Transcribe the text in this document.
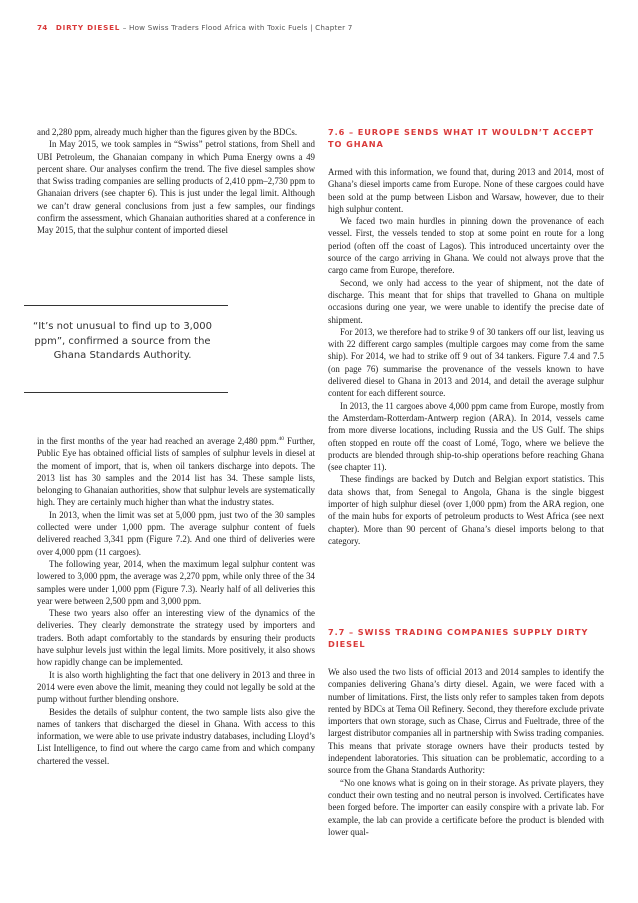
74 DIRTY DIESEL – How Swiss Traders Flood Africa with Toxic Fuels | Chapter 7

and 2,280 ppm, already much higher than the figures given by the BDCs.

In May 2015, we took samples in “Swiss” petrol stations, from Shell and UBI Petroleum, the Ghanaian company in which Puma Energy owns a 49 percent share. Our analyses confirm the trend. The five diesel samples show that Swiss trading companies are selling products of 2,410 ppm–2,730 ppm to Ghanaian drivers (see chapter 6). This is just under the legal limit. Although we can’t draw general conclusions from just a few samples, our findings confirm the assessment, which Ghanaian authorities shared at a conference in May 2015, that the sulphur content of imported diesel

“It’s not unusual to find up to 3,000 ppm”, confirmed a source from the Ghana Standards Authority.

in the first months of the year had reached an average 2,480 ppm.$^{40}$ Further, Public Eye has obtained official lists of samples of sulphur levels in diesel at the moment of import, that is, when oil tankers discharge into depots. The 2013 list has 30 samples and the 2014 list has 34. These sample lists, belonging to Ghanaian authorities, show that sulphur levels are systematically high. They are certainly much higher than what the industry states.

In 2013, when the limit was set at 5,000 ppm, just two of the 30 samples collected were under 1,000 ppm. The average sulphur content of fuels delivered reached 3,341 ppm (Figure 7.2). And one third of deliveries were over 4,000 ppm (11 cargoes).

The following year, 2014, when the maximum legal sulphur content was lowered to 3,000 ppm, the average was 2,270 ppm, while only three of the 34 samples were under 1,000 ppm (Figure 7.3). Nearly half of all deliveries this year were between 2,500 ppm and 3,000 ppm.

These two years also offer an interesting view of the dynamics of the deliveries. They clearly demonstrate the strategy used by importers and traders. Both adapt comfortably to the standards by ensuring their products have sulphur levels just within the legal limits. More positively, it also shows how rapidly change can be implemented.

It is also worth highlighting the fact that one delivery in 2013 and three in 2014 were even above the limit, meaning they could not legally be sold at the pump without further blending onshore.

Besides the details of sulphur content, the two sample lists also give the names of tankers that discharged the diesel in Ghana. With access to this information, we were able to use private industry databases, including Lloyd’s List Intelligence, to find out where the cargo came from and which company chartered the vessel.

7.6 – EUROPE SENDS WHAT IT WOULDN’T ACCEPT TO GHANA

Armed with this information, we found that, during 2013 and 2014, most of Ghana’s diesel imports came from Europe. None of these cargoes could have been sold at the pump between Lisbon and Warsaw, however, due to their high sulphur content.

We faced two main hurdles in pinning down the provenance of each vessel. First, the vessels tended to stop at some point en route for a long period (often off the coast of Lagos). This introduced uncertainty over the source of the cargo arriving in Ghana. We could not always prove that the cargo came from Europe, therefore.

Second, we only had access to the year of shipment, not the date of discharge. This meant that for ships that travelled to Ghana on multiple occasions during one year, we were unable to identify the precise date of shipment.

For 2013, we therefore had to strike 9 of 30 tankers off our list, leaving us with 22 different cargo samples (multiple cargoes may come from the same ship). For 2014, we had to strike off 9 out of 34 tankers. Figure 7.4 and 7.5 (on page 76) summarise the provenance of the vessels known to have delivered diesel to Ghana in 2013 and 2014, and detail the average sulphur content for each different source.

In 2013, the 11 cargoes above 4,000 ppm came from Europe, mostly from the Amsterdam-Rotterdam-Antwerp region (ARA). In 2014, vessels came from more diverse locations, including Russia and the US Gulf. The ships often stopped en route off the coast of Lomé, Togo, where we believe the products are blended through ship-to-ship operations before reaching Ghana (see chapter 11).

These findings are backed by Dutch and Belgian export statistics. This data shows that, from Senegal to Angola, Ghana is the single biggest importer of high sulphur diesel (over 1,000 ppm) from the ARA region, one of the main hubs for exports of petroleum products to West Africa (see next chapter). More than 90 percent of Ghana’s diesel imports belong to that category.

7.7 – SWISS TRADING COMPANIES SUPPLY DIRTY DIESEL

We also used the two lists of official 2013 and 2014 samples to identify the companies delivering Ghana’s dirty diesel. Again, we were faced with a number of limitations. First, the lists only refer to samples taken from depots rented by BDCs at Tema Oil Refinery. Second, they therefore exclude private importers that own storage, such as Chase, Cirrus and Fueltrade, three of the largest distributor companies all in partnership with Swiss trading companies. This means that private storage owners have their products tested by independent laboratories. This situation can be problematic, according to a source from the Ghana Standards Authority:

“No one knows what is going on in their storage. As private players, they conduct their own testing and no neutral person is involved. Certificates have been forged before. The importer can easily conspire with a private lab. For example, the lab can provide a certificate before the product is blended with lower qual-
